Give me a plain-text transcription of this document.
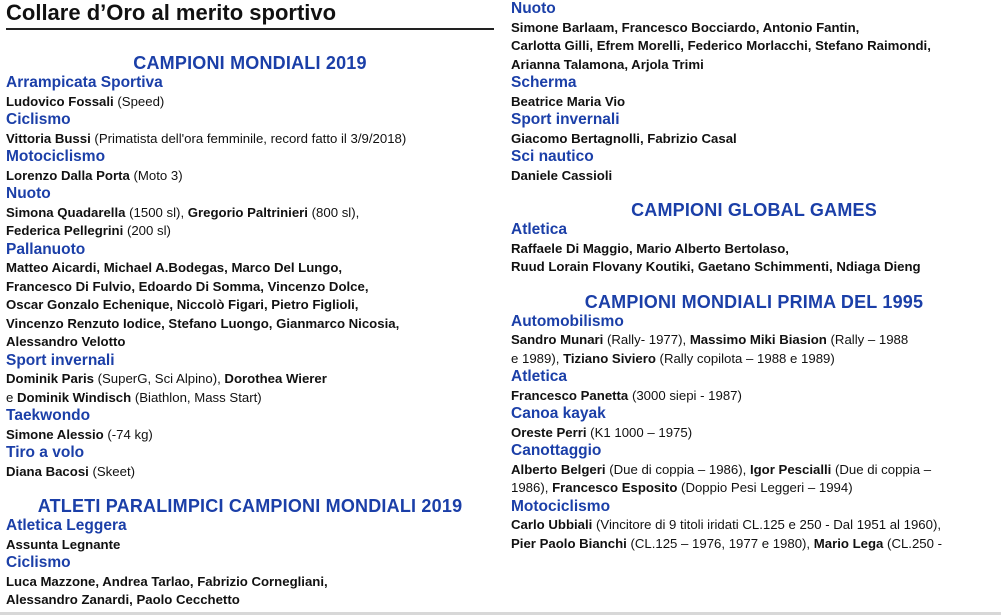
Collare d’Oro al merito sportivo
CAMPIONI MONDIALI 2019
Arrampicata Sportiva
Ludovico Fossali (Speed)
Ciclismo
Vittoria Bussi (Primatista dell'ora femminile, record fatto il 3/9/2018)
Motociclismo
Lorenzo Dalla Porta (Moto 3)
Nuoto
Simona Quadarella (1500 sl), Gregorio Paltrinieri (800 sl),
Federica Pellegrini (200 sl)
Pallanuoto
Matteo Aicardi, Michael A.Bodegas, Marco Del Lungo,
Francesco Di Fulvio, Edoardo Di Somma, Vincenzo Dolce,
Oscar Gonzalo Echenique, Niccolò Figari, Pietro Figlioli,
Vincenzo Renzuto Iodice, Stefano Luongo, Gianmarco Nicosia,
Alessandro Velotto
Sport invernali
Dominik Paris (SuperG, Sci Alpino), Dorothea Wierer
e Dominik Windisch (Biathlon, Mass Start)
Taekwondo
Simone Alessio (-74 kg)
Tiro a volo
Diana Bacosi (Skeet)
ATLETI PARALIMPICI CAMPIONI MONDIALI 2019
Atletica Leggera
Assunta Legnante
Ciclismo
Luca Mazzone, Andrea Tarlao, Fabrizio Cornegliani,
Alessandro Zanardi, Paolo Cecchetto
Nuoto
Simone Barlaam, Francesco Bocciardo, Antonio Fantin,
Carlotta Gilli, Efrem Morelli, Federico Morlacchi, Stefano Raimondi,
Arianna Talamona, Arjola Trimi
Scherma
Beatrice Maria Vio
Sport invernali
Giacomo Bertagnolli, Fabrizio Casal
Sci nautico
Daniele Cassioli
CAMPIONI GLOBAL GAMES
Atletica
Raffaele Di Maggio, Mario Alberto Bertolaso,
Ruud Lorain Flovany Koutiki, Gaetano Schimmenti, Ndiaga Dieng
CAMPIONI MONDIALI PRIMA DEL 1995
Automobilismo
Sandro Munari (Rally- 1977), Massimo Miki Biasion (Rally – 1988
e 1989), Tiziano Siviero (Rally copilota – 1988 e 1989)
Atletica
Francesco Panetta (3000 siepi - 1987)
Canoa kayak
Oreste Perri (K1 1000 – 1975)
Canottaggio
Alberto Belgeri (Due di coppia – 1986), Igor Pescialli (Due di coppia –
1986), Francesco Esposito (Doppio Pesi Leggeri – 1994)
Motociclismo
Carlo Ubbiali (Vincitore di 9 titoli iridati CL.125 e 250 - Dal 1951 al 1960),
Pier Paolo Bianchi (CL.125 – 1976, 1977 e 1980), Mario Lega (CL.250 -
